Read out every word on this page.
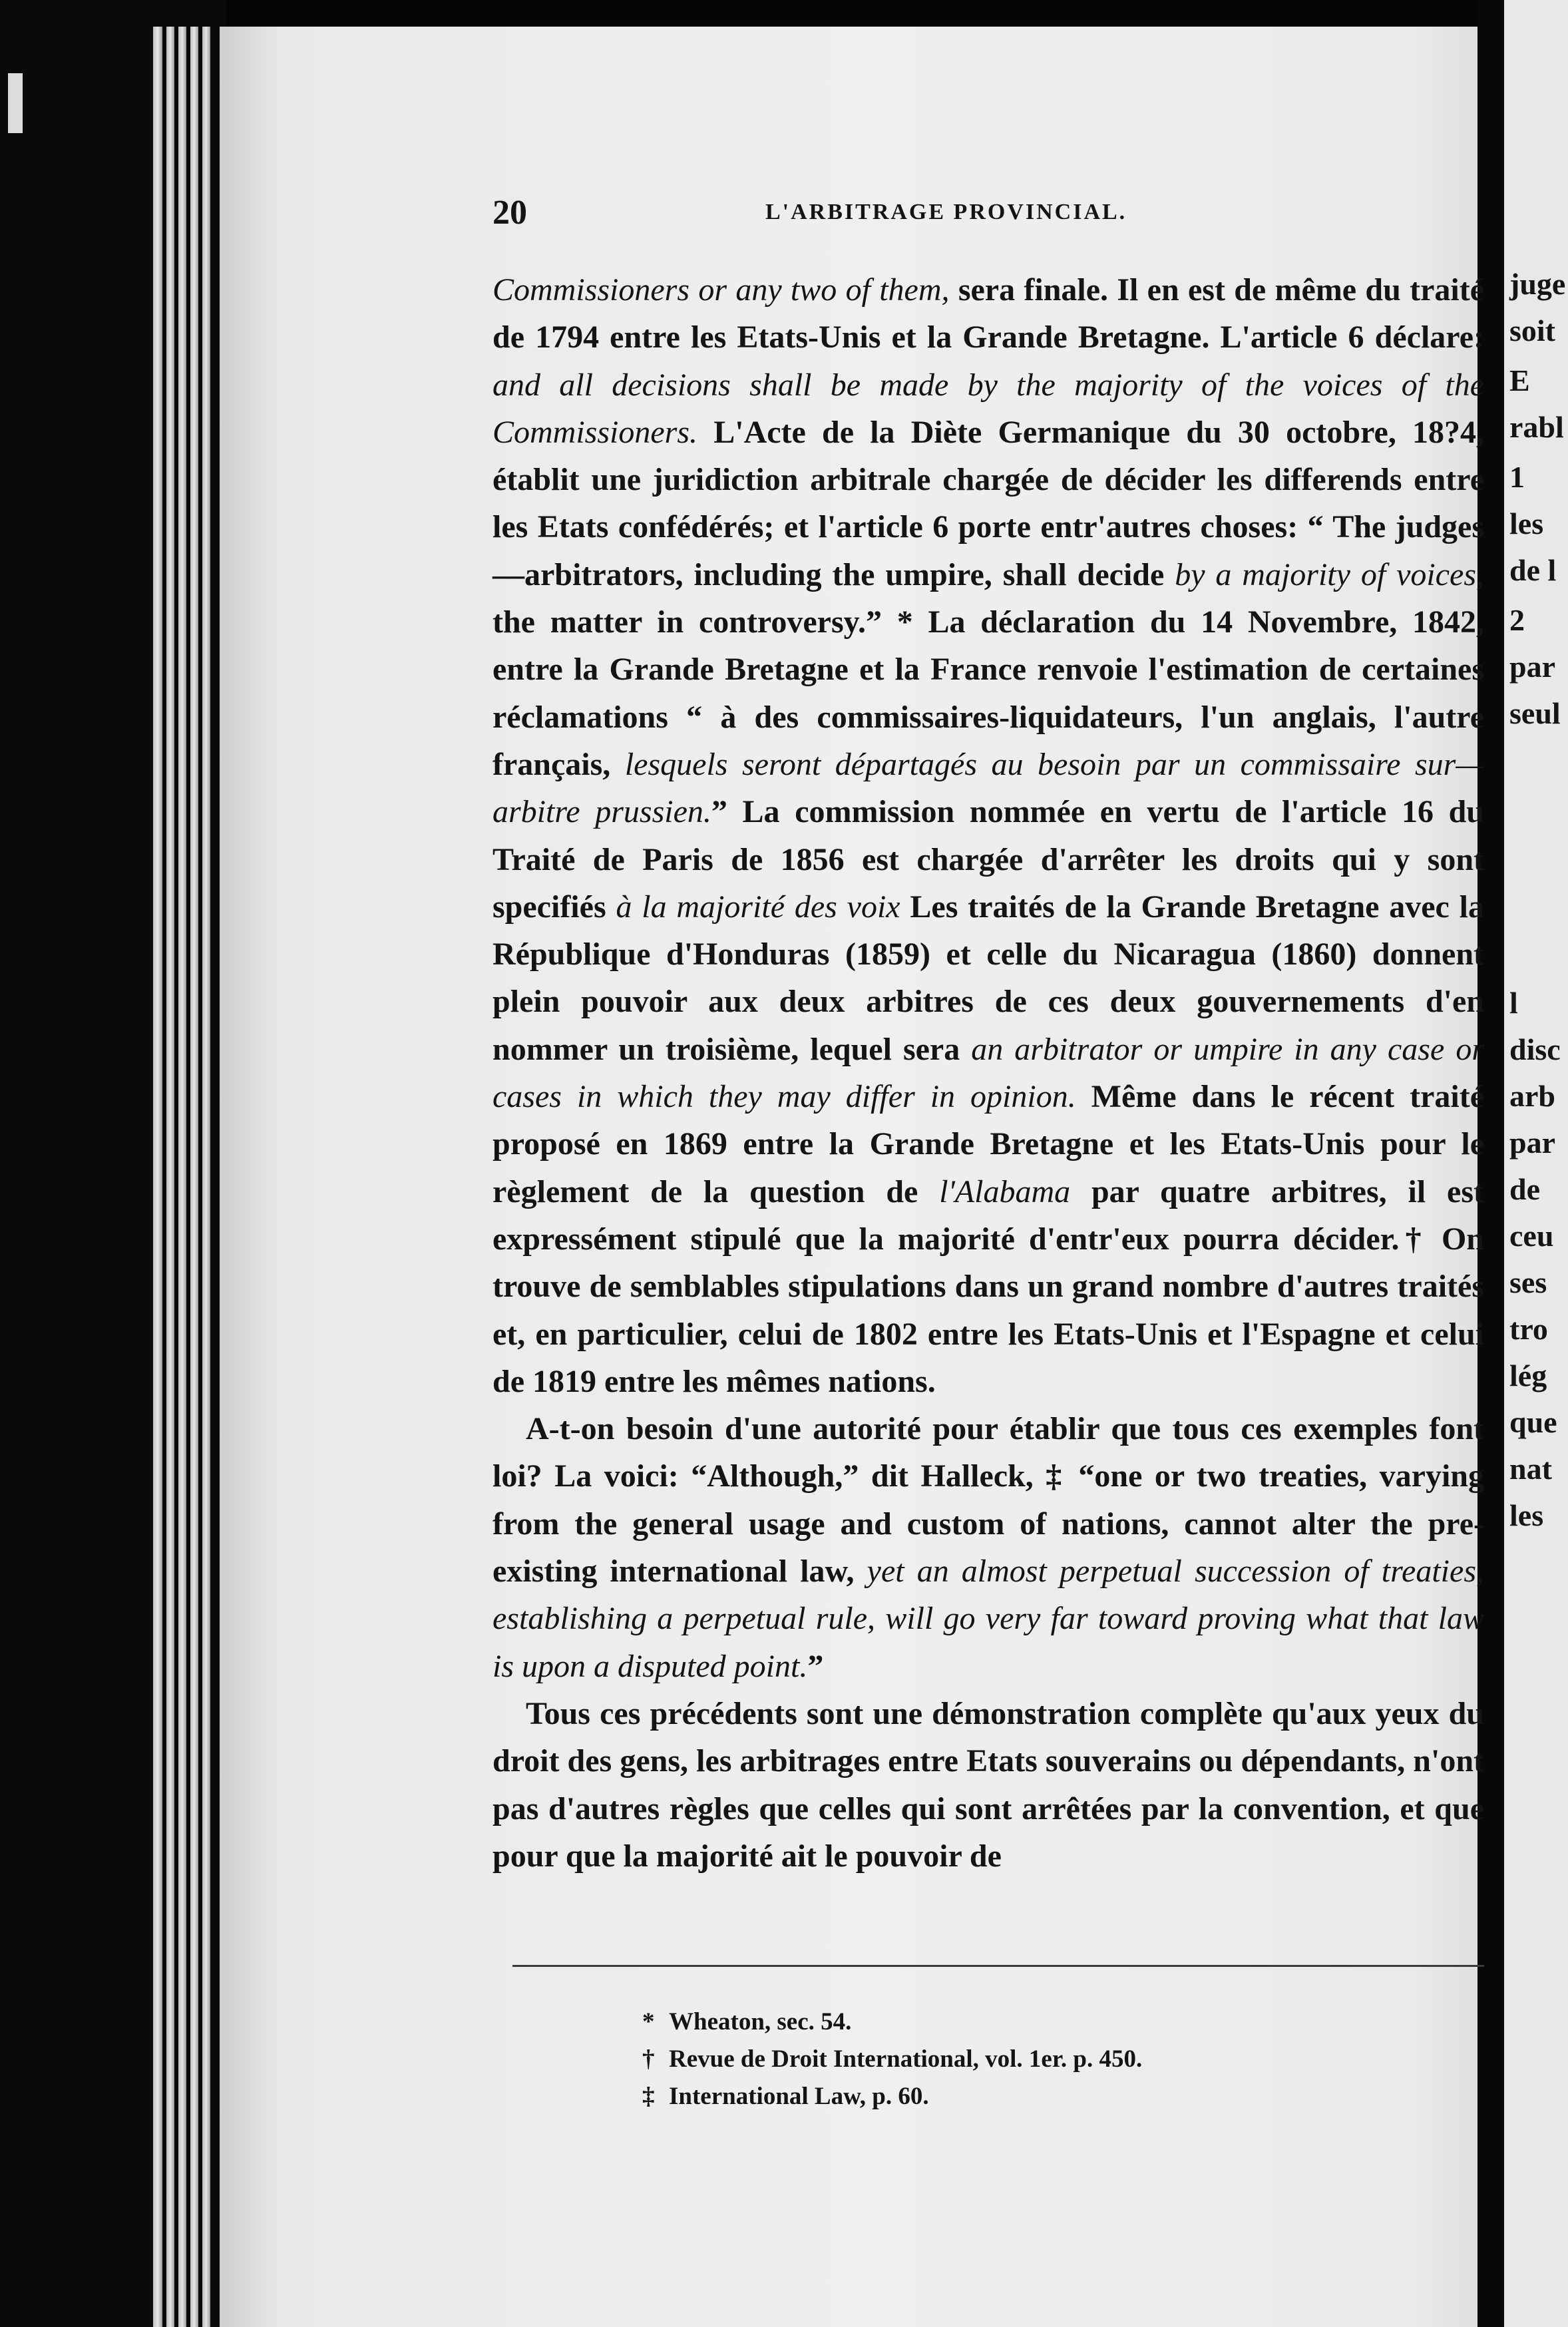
juge
soit
E
rabl
1
les
de l
2
par
seul
l
disc
arb
par
de
ceu
ses
tro
lég
que
nat
les
20	L'ARBITRAGE PROVINCIAL.

Commissioners or any two of them, sera finale. Il en est de même du traité de 1794 entre les Etats-Unis et la Grande Bretagne. L'article 6 déclare: and all decisions shall be made by the majority of the voices of the Commissioners. L'Acte de la Diète Germanique du 30 octobre, 18?4, établit une juridiction arbitrale chargée de décider les differends entre les Etats confédérés; et l'article 6 porte entr'autres choses: “ The judges—arbitrators, including the umpire, shall decide by a majority of voices, the matter in controversy.” * La déclaration du 14 Novembre, 1842, entre la Grande Bretagne et la France renvoie l'estimation de certaines réclamations “ à des commissaires-liquidateurs, l'un anglais, l'autre français, lesquels seront départagés au besoin par un commissaire sur—arbitre prussien.” La commission nommée en vertu de l'article 16 du Traité de Paris de 1856 est chargée d'arrêter les droits qui y sont specifiés à la majorité des voix Les traités de la Grande Bretagne avec la République d'Honduras (1859) et celle du Nicaragua (1860) donnent plein pouvoir aux deux arbitres de ces deux gouvernements d'en nommer un troisième, lequel sera an arbitrator or umpire in any case or cases in which they may differ in opinion. Même dans le récent traité proposé en 1869 entre la Grande Bretagne et les Etats-Unis pour le règlement de la question de l'Alabama par quatre arbitres, il est expressément stipulé que la majorité d'entr'eux pourra décider.† On trouve de semblables stipulations dans un grand nombre d'autres traités et, en particulier, celui de 1802 entre les Etats-Unis et l'Espagne et celui de 1819 entre les mêmes nations.

A-t-on besoin d'une autorité pour établir que tous ces exemples font loi? La voici: “Although,” dit Halleck, ‡ “one or two treaties, varying from the general usage and custom of nations, cannot alter the pre-existing international law, yet an almost perpetual succession of treaties, establishing a perpetual rule, will go very far toward proving what that law is upon a disputed point.”

Tous ces précédents sont une démonstration complète qu'aux yeux du droit des gens, les arbitrages entre Etats souverains ou dépendants, n'ont pas d'autres règles que celles qui sont arrêtées par la convention, et que pour que la majorité ait le pouvoir de

* Wheaton, sec. 54.
† Revue de Droit International, vol. 1er. p. 450.
‡ International Law, p. 60.
